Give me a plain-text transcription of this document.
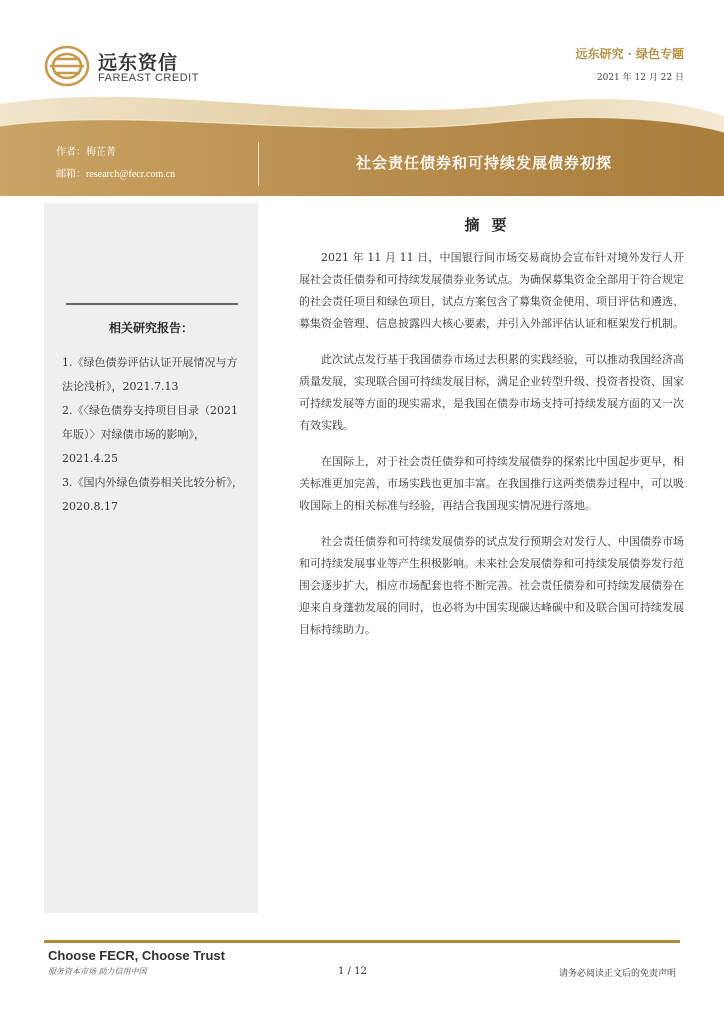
远东资信
FAREAST CREDIT
远东研究 · 绿色专题
2021 年 12 月 22 日
作者：梅芷菁
邮箱：research@fecr.com.cn
社会责任债券和可持续发展债券初探
相关研究报告：
1.《绿色债券评估认证开展情况与方法论浅析》，2021.7.13
2.《〈绿色债券支持项目目录（2021 年版）〉对绿债市场的影响》，2021.4.25
3.《国内外绿色债券相关比较分析》，2020.8.17
摘要

2021 年 11 月 11 日，中国银行间市场交易商协会宣布针对境外发行人开展社会责任债券和可持续发展债券业务试点。为确保募集资金全部用于符合规定的社会责任项目和绿色项目，试点方案包含了募集资金使用、项目评估和遴选、募集资金管理、信息披露四大核心要素，并引入外部评估认证和框架发行机制。

此次试点发行基于我国债券市场过去积累的实践经验，可以推动我国经济高质量发展，实现联合国可持续发展目标，满足企业转型升级、投资者投资、国家可持续发展等方面的现实需求，是我国在债券市场支持可持续发展方面的又一次有效实践。

在国际上，对于社会责任债券和可持续发展债券的探索比中国起步更早，相关标准更加完善，市场实践也更加丰富。在我国推行这两类债券过程中，可以吸收国际上的相关标准与经验，再结合我国现实情况进行落地。

社会责任债券和可持续发展债券的试点发行预期会对发行人、中国债券市场和可持续发展事业等产生积极影响。未来社会发展债券和可持续发展债券发行范围会逐步扩大，相应市场配套也将不断完善。社会责任债券和可持续发展债券在迎来自身蓬勃发展的同时，也必将为中国实现碳达峰碳中和及联合国可持续发展目标持续助力。

Choose FECR, Choose Trust
服务资本市场 助力信用中国	1 / 12	请务必阅读正文后的免责声明
